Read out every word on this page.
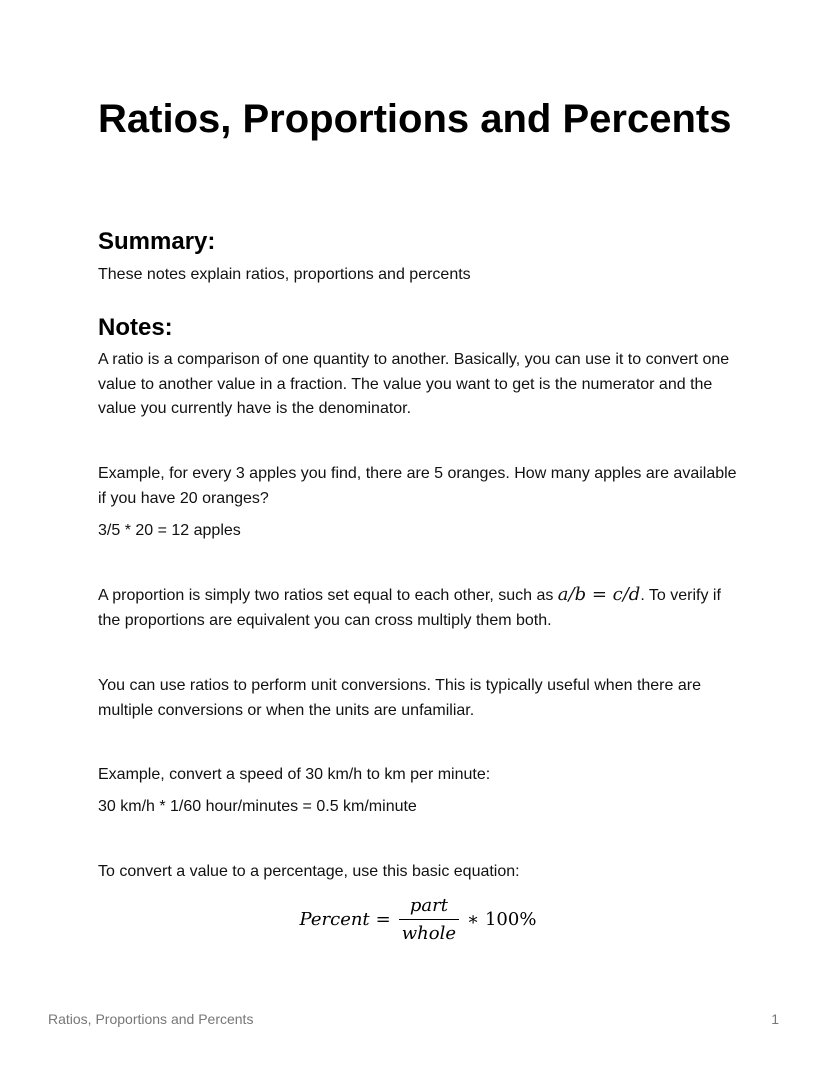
Ratios, Proportions and Percents
Summary:

These notes explain ratios, proportions and percents

Notes:

A ratio is a comparison of one quantity to another. Basically, you can use it to convert one value to another value in a fraction. The value you want to get is the numerator and the value you currently have is the denominator.

Example, for every 3 apples you find, there are 5 oranges. How many apples are available if you have 20 oranges?

3/5 * 20 = 12 apples

A proportion is simply two ratios set equal to each other, such as a/b = c/d. To verify if the proportions are equivalent you can cross multiply them both.

You can use ratios to perform unit conversions. This is typically useful when there are multiple conversions or when the units are unfamiliar.

Example, convert a speed of 30 km/h to km per minute:

30 km/h * 1/60 hour/minutes = 0.5 km/minute

To convert a value to a percentage, use this basic equation:

Percent = $\frac{\text{part}}{\text{whole}}$ ∗ 100%
Ratios, Proportions and Percents	1
